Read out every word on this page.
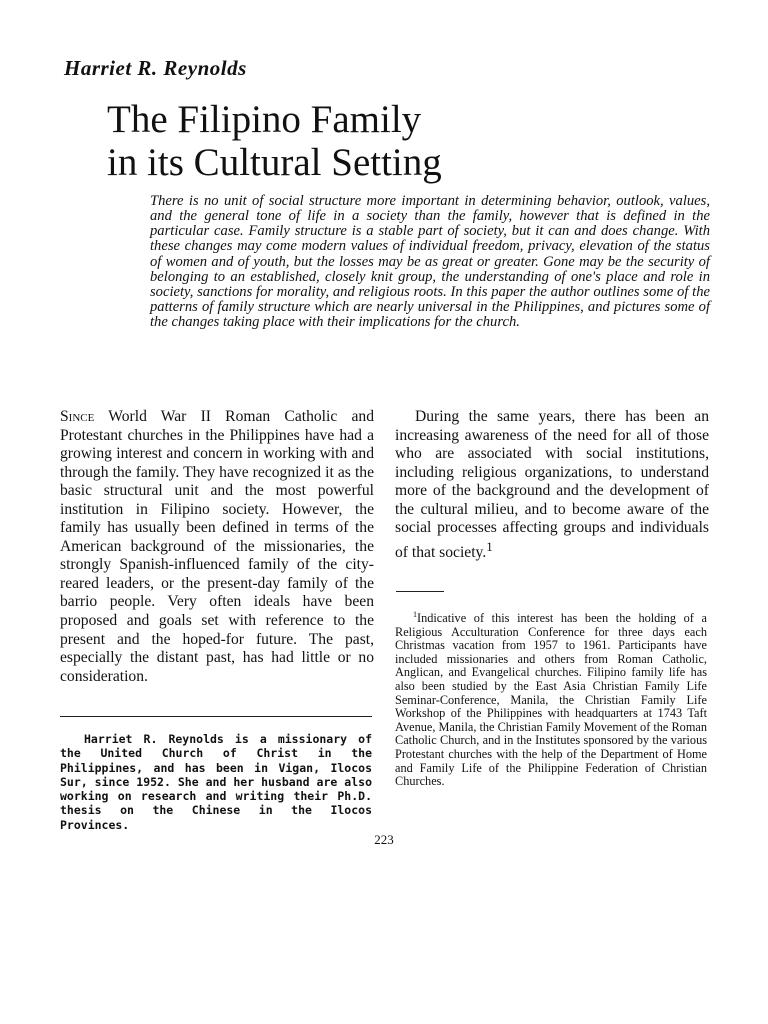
Harriet R. Reynolds

The Filipino Family
in its Cultural Setting

There is no unit of social structure more important in determining behavior, outlook, values, and the general tone of life in a society than the family, however that is defined in the particular case. Family structure is a stable part of society, but it can and does change. With these changes may come modern values of individual freedom, privacy, elevation of the status of women and of youth, but the losses may be as great or greater. Gone may be the security of belonging to an established, closely knit group, the understanding of one's place and role in society, sanctions for morality, and religious roots. In this paper the author outlines some of the patterns of family structure which are nearly universal in the Philippines, and pictures some of the changes taking place with their implications for the church.

Since World War II Roman Catholic and Protestant churches in the Philippines have had a growing interest and concern in working with and through the family. They have recognized it as the basic structural unit and the most powerful institution in Filipino society. However, the family has usually been defined in terms of the American background of the missionaries, the strongly Spanish-influenced family of the city-reared leaders, or the present-day family of the barrio people. Very often ideals have been proposed and goals set with reference to the present and the hoped-for future. The past, especially the distant past, has had little or no consideration.
During the same years, there has been an increasing awareness of the need for all of those who are associated with social institutions, including religious organizations, to understand more of the background and the development of the cultural milieu, and to become aware of the social processes affecting groups and individuals of that society.$^1$

Harriet R. Reynolds is a missionary of the United Church of Christ in the Philippines, and has been in Vigan, Ilocos Sur, since 1952. She and her husband are also working on research and writing their Ph.D. thesis on the Chinese in the Ilocos Provinces.

$^1$Indicative of this interest has been the holding of a Religious Acculturation Conference for three days each Christmas vacation from 1957 to 1961. Participants have included missionaries and others from Roman Catholic, Anglican, and Evangelical churches. Filipino family life has also been studied by the East Asia Christian Family Life Seminar-Conference, Manila, the Christian Family Life Workshop of the Philippines with headquarters at 1743 Taft Avenue, Manila, the Christian Family Movement of the Roman Catholic Church, and in the Institutes sponsored by the various Protestant churches with the help of the Department of Home and Family Life of the Philippine Federation of Christian Churches.

223
